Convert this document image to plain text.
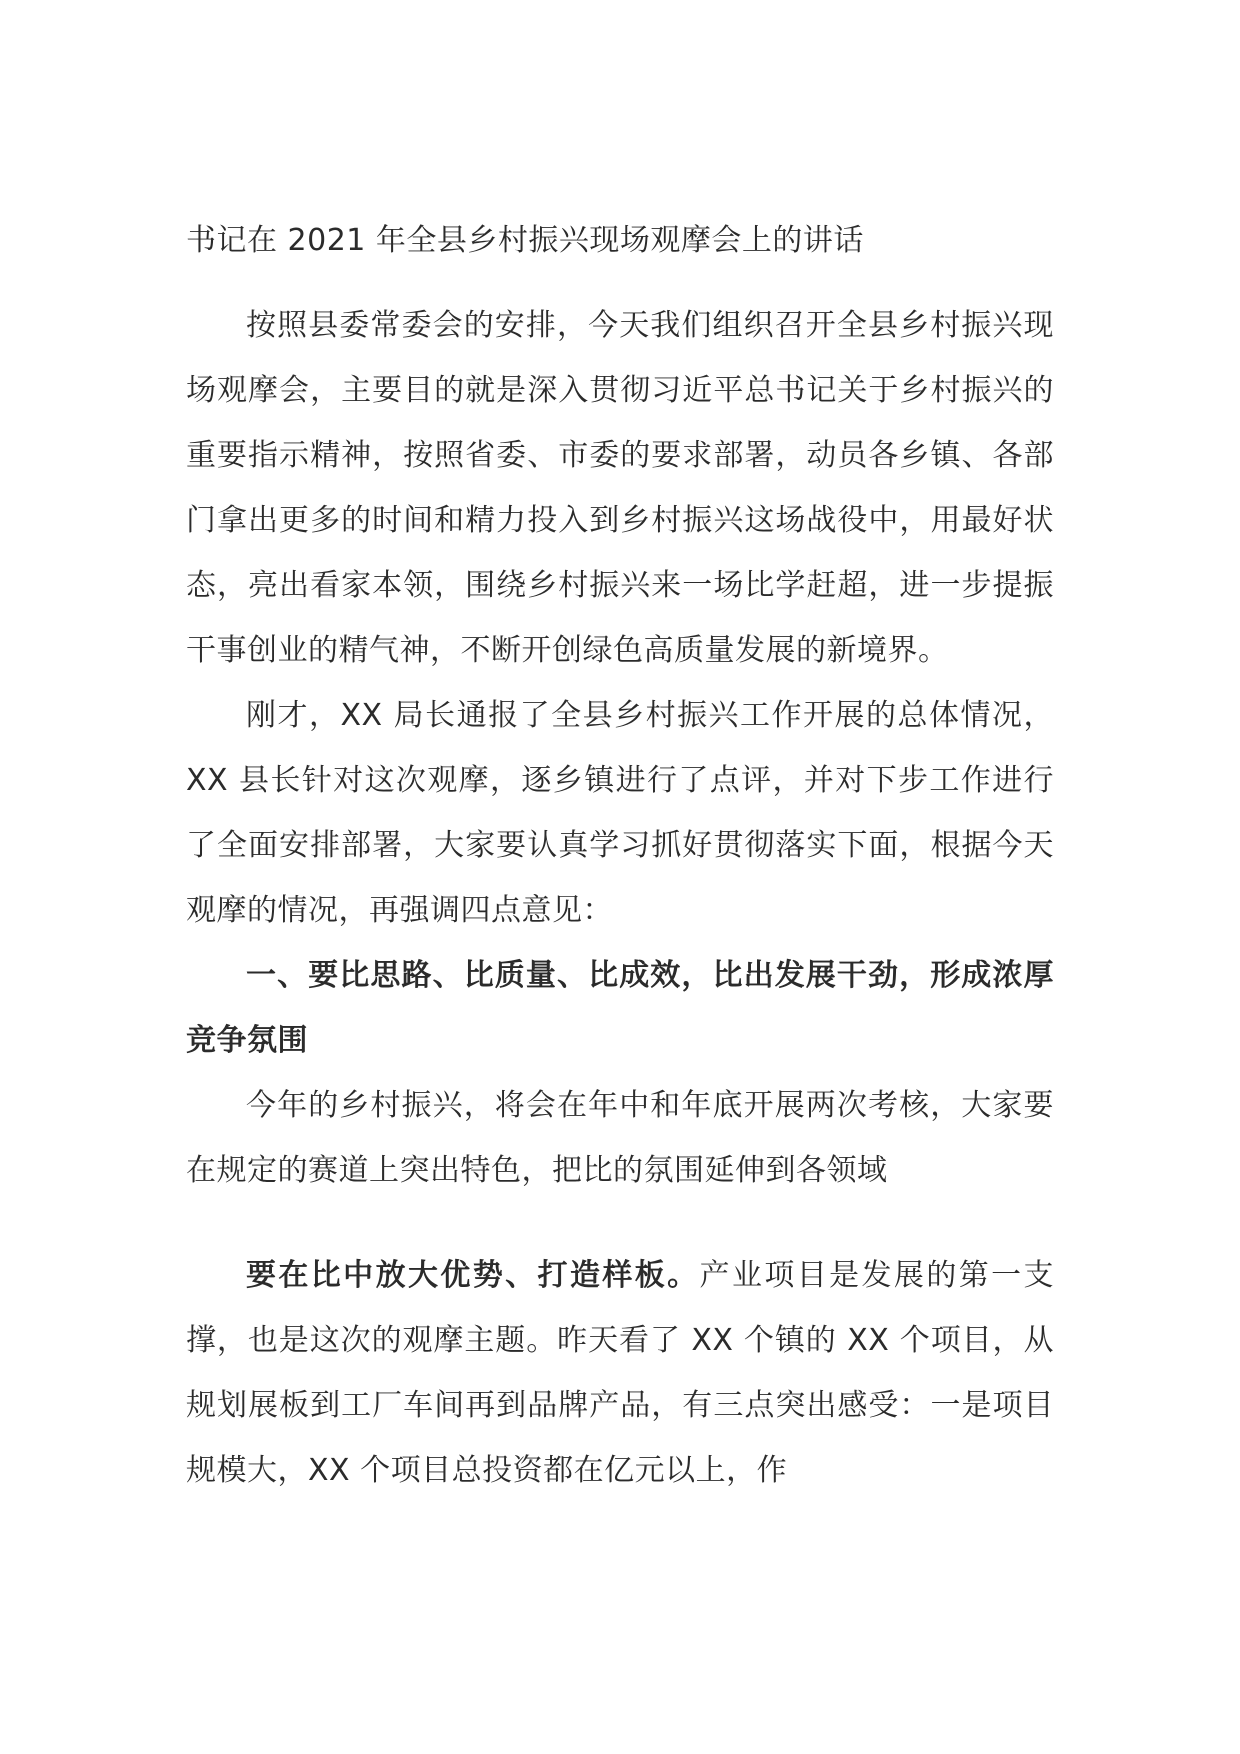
书记在 2021 年全县乡村振兴现场观摩会上的讲话

按照县委常委会的安排，今天我们组织召开全县乡村振兴现场观摩会，主要目的就是深入贯彻习近平总书记关于乡村振兴的重要指示精神，按照省委、市委的要求部署，动员各乡镇、各部门拿出更多的时间和精力投入到乡村振兴这场战役中，用最好状态，亮出看家本领，围绕乡村振兴来一场比学赶超，进一步提振干事创业的精气神，不断开创绿色高质量发展的新境界。

刚才，XX 局长通报了全县乡村振兴工作开展的总体情况，XX 县长针对这次观摩，逐乡镇进行了点评，并对下步工作进行了全面安排部署，大家要认真学习抓好贯彻落实下面，根据今天观摩的情况，再强调四点意见：

一、要比思路、比质量、比成效，比出发展干劲，形成浓厚竞争氛围

今年的乡村振兴，将会在年中和年底开展两次考核，大家要在规定的赛道上突出特色，把比的氛围延伸到各领域

要在比中放大优势、打造样板。产业项目是发展的第一支撑，也是这次的观摩主题。昨天看了 XX 个镇的 XX 个项目，从规划展板到工厂车间再到品牌产品，有三点突出感受：一是项目规模大，XX 个项目总投资都在亿元以上，作
